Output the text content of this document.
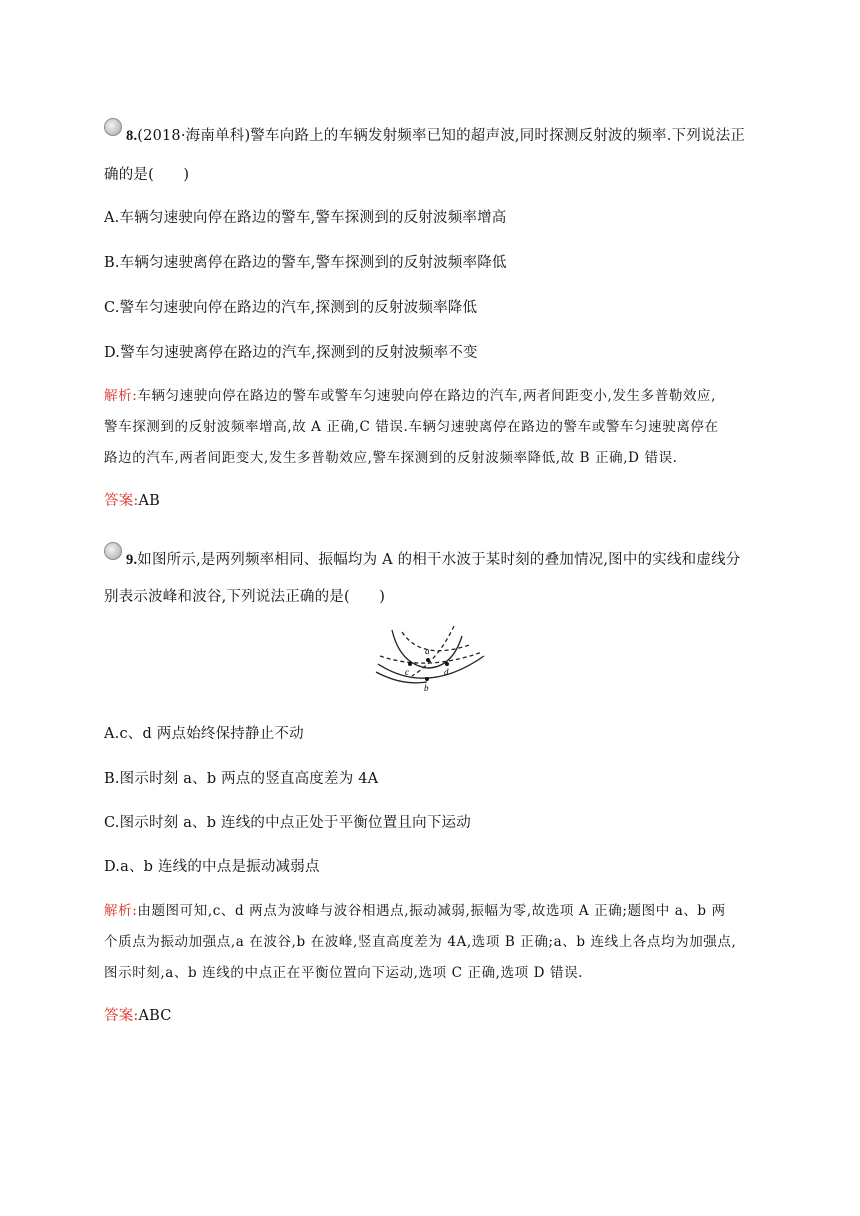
8.(2018·海南单科)警车向路上的车辆发射频率已知的超声波,同时探测反射波的频率.下列说法正
确的是(　　)
A.车辆匀速驶向停在路边的警车,警车探测到的反射波频率增高
B.车辆匀速驶离停在路边的警车,警车探测到的反射波频率降低
C.警车匀速驶向停在路边的汽车,探测到的反射波频率降低
D.警车匀速驶离停在路边的汽车,探测到的反射波频率不变
解析:车辆匀速驶向停在路边的警车或警车匀速驶向停在路边的汽车,两者间距变小,发生多普勒效应,
警车探测到的反射波频率增高,故 A 正确,C 错误.车辆匀速驶离停在路边的警车或警车匀速驶离停在
路边的汽车,两者间距变大,发生多普勒效应,警车探测到的反射波频率降低,故 B 正确,D 错误.
答案:AB
9.如图所示,是两列频率相同、振幅均为 A 的相干水波于某时刻的叠加情况,图中的实线和虚线分
别表示波峰和波谷,下列说法正确的是(　　)
a
b
c	d
A.c、d 两点始终保持静止不动
B.图示时刻 a、b 两点的竖直高度差为 4A
C.图示时刻 a、b 连线的中点正处于平衡位置且向下运动
D.a、b 连线的中点是振动减弱点
解析:由题图可知,c、d 两点为波峰与波谷相遇点,振动减弱,振幅为零,故选项 A 正确;题图中 a、b 两
个质点为振动加强点,a 在波谷,b 在波峰,竖直高度差为 4A,选项 B 正确;a、b 连线上各点均为加强点,
图示时刻,a、b 连线的中点正在平衡位置向下运动,选项 C 正确,选项 D 错误.
答案:ABC
